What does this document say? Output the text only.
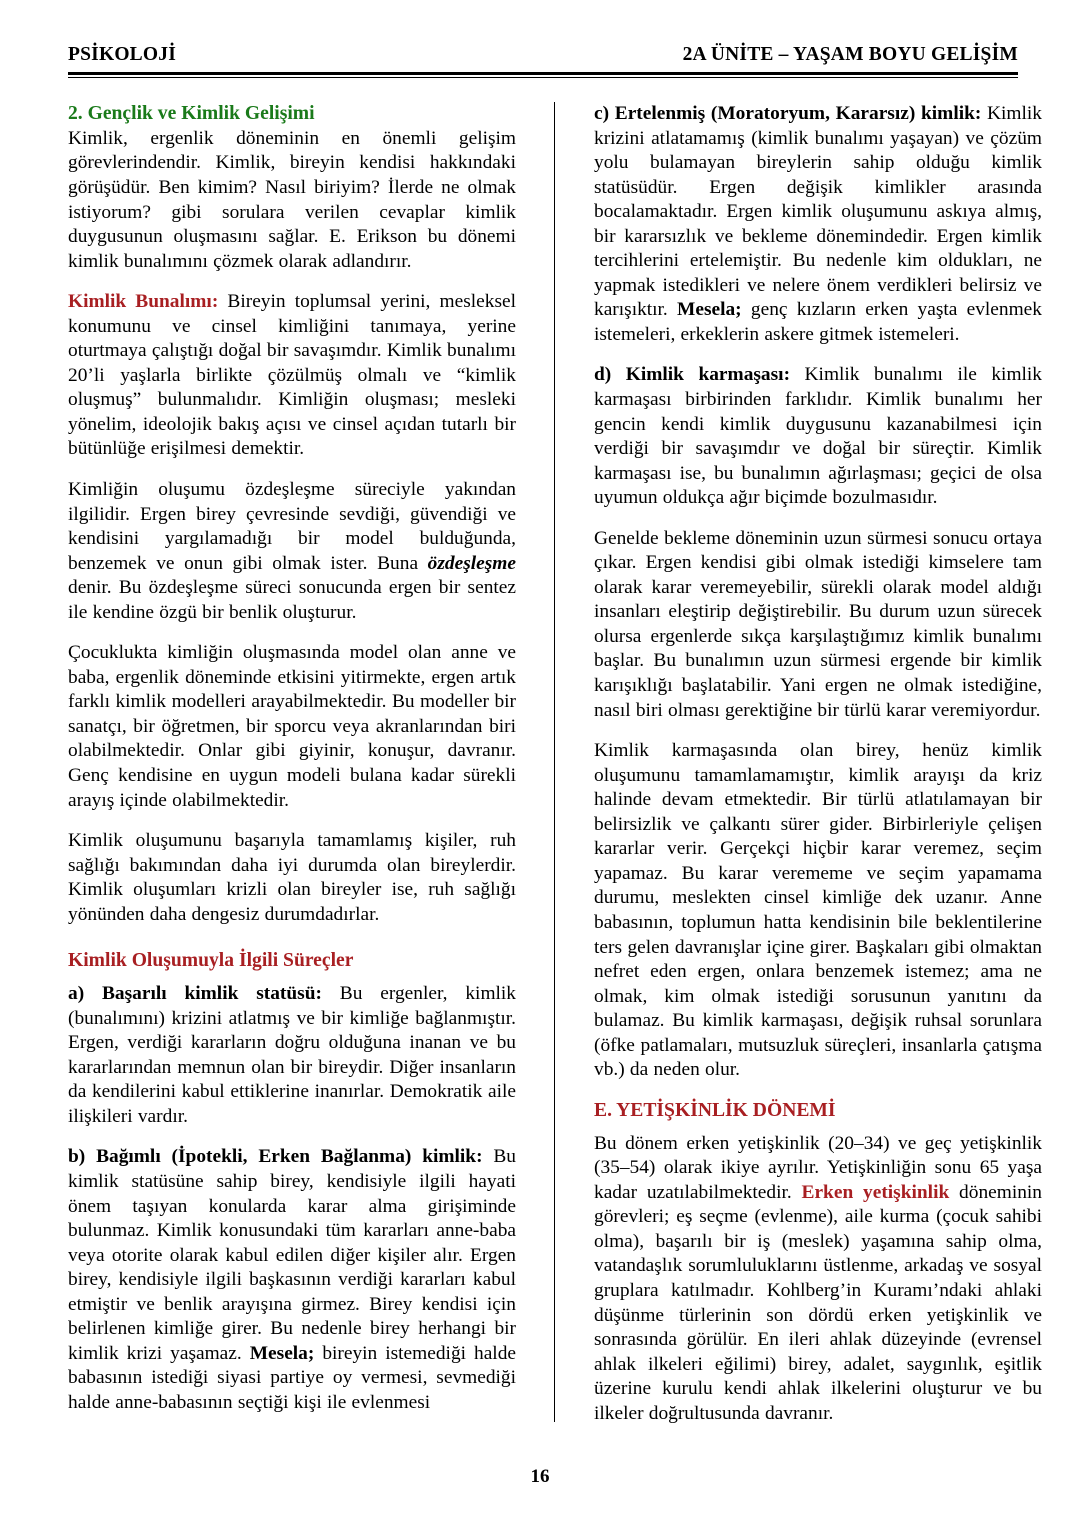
PSİKOLOJİ	2A ÜNİTE – YAŞAM BOYU GELİŞİM
2. Gençlik ve Kimlik Gelişimi

Kimlik, ergenlik döneminin en önemli gelişim görevlerindendir. Kimlik, bireyin kendisi hakkındaki görüşüdür. Ben kimim? Nasıl biriyim? İlerde ne olmak istiyorum? gibi sorulara verilen cevaplar kimlik duygusunun oluşmasını sağlar. E. Erikson bu dönemi kimlik bunalımını çözmek olarak adlandırır.

Kimlik Bunalımı: Bireyin toplumsal yerini, mesleksel konumunu ve cinsel kimliğini tanımaya, yerine oturtmaya çalıştığı doğal bir savaşımdır. Kimlik bunalımı 20’li yaşlarla birlikte çözülmüş olmalı ve “kimlik oluşmuş” bulunmalıdır. Kimliğin oluşması; mesleki yönelim, ideolojik bakış açısı ve cinsel açıdan tutarlı bir bütünlüğe erişilmesi demektir.

Kimliğin oluşumu özdeşleşme süreciyle yakından ilgilidir. Ergen birey çevresinde sevdiği, güvendiği ve kendisini yargılamadığı bir model bulduğunda, benzemek ve onun gibi olmak ister. Buna özdeşleşme denir. Bu özdeşleşme süreci sonucunda ergen bir sentez ile kendine özgü bir benlik oluşturur.

Çocuklukta kimliğin oluşmasında model olan anne ve baba, ergenlik döneminde etkisini yitirmekte, ergen artık farklı kimlik modelleri arayabilmektedir. Bu modeller bir sanatçı, bir öğretmen, bir sporcu veya akranlarından biri olabilmektedir. Onlar gibi giyinir, konuşur, davranır. Genç kendisine en uygun modeli bulana kadar sürekli arayış içinde olabilmektedir.

Kimlik oluşumunu başarıyla tamamlamış kişiler, ruh sağlığı bakımından daha iyi durumda olan bireylerdir. Kimlik oluşumları krizli olan bireyler ise, ruh sağlığı yönünden daha dengesiz durumdadırlar.

Kimlik Oluşumuyla İlgili Süreçler

a) Başarılı kimlik statüsü: Bu ergenler, kimlik (bunalımını) krizini atlatmış ve bir kimliğe bağlanmıştır. Ergen, verdiği kararların doğru olduğuna inanan ve bu kararlarından memnun olan bir bireydir. Diğer insanların da kendilerini kabul ettiklerine inanırlar. Demokratik aile ilişkileri vardır.

b) Bağımlı (İpotekli, Erken Bağlanma) kimlik: Bu kimlik statüsüne sahip birey, kendisiyle ilgili hayati önem taşıyan konularda karar alma girişiminde bulunmaz. Kimlik konusundaki tüm kararları anne-baba veya otorite olarak kabul edilen diğer kişiler alır. Ergen birey, kendisiyle ilgili başkasının verdiği kararları kabul etmiştir ve benlik arayışına girmez. Birey kendisi için belirlenen kimliğe girer. Bu nedenle birey herhangi bir kimlik krizi yaşamaz. Mesela; bireyin istemediği halde babasının istediği siyasi partiye oy vermesi, sevmediği halde anne-babasının seçtiği kişi ile evlenmesi

c) Ertelenmiş (Moratoryum, Kararsız) kimlik: Kimlik krizini atlatamamış (kimlik bunalımı yaşayan) ve çözüm yolu bulamayan bireylerin sahip olduğu kimlik statüsüdür. Ergen değişik kimlikler arasında bocalamaktadır. Ergen kimlik oluşumunu askıya almış, bir kararsızlık ve bekleme dönemindedir. Ergen kimlik tercihlerini ertelemiştir. Bu nedenle kim oldukları, ne yapmak istedikleri ve nelere önem verdikleri belirsiz ve karışıktır. Mesela; genç kızların erken yaşta evlenmek istemeleri, erkeklerin askere gitmek istemeleri.

d) Kimlik karmaşası: Kimlik bunalımı ile kimlik karmaşası birbirinden farklıdır. Kimlik bunalımı her gencin kendi kimlik duygusunu kazanabilmesi için verdiği bir savaşımdır ve doğal bir süreçtir. Kimlik karmaşası ise, bu bunalımın ağırlaşması; geçici de olsa uyumun oldukça ağır biçimde bozulmasıdır.

Genelde bekleme döneminin uzun sürmesi sonucu ortaya çıkar. Ergen kendisi gibi olmak istediği kimselere tam olarak karar veremeyebilir, sürekli olarak model aldığı insanları eleştirip değiştirebilir. Bu durum uzun sürecek olursa ergenlerde sıkça karşılaştığımız kimlik bunalımı başlar. Bu bunalımın uzun sürmesi ergende bir kimlik karışıklığı başlatabilir. Yani ergen ne olmak istediğine, nasıl biri olması gerektiğine bir türlü karar veremiyordur.

Kimlik karmaşasında olan birey, henüz kimlik oluşumunu tamamlamamıştır, kimlik arayışı da kriz halinde devam etmektedir. Bir türlü atlatılamayan bir belirsizlik ve çalkantı sürer gider. Birbirleriyle çelişen kararlar verir. Gerçekçi hiçbir karar veremez, seçim yapamaz. Bu karar verememe ve seçim yapamama durumu, meslekten cinsel kimliğe dek uzanır. Anne babasının, toplumun hatta kendisinin bile beklentilerine ters gelen davranışlar içine girer. Başkaları gibi olmaktan nefret eden ergen, onlara benzemek istemez; ama ne olmak, kim olmak istediği sorusunun yanıtını da bulamaz. Bu kimlik karmaşası, değişik ruhsal sorunlara (öfke patlamaları, mutsuzluk süreçleri, insanlarla çatışma vb.) da neden olur.

E. YETİŞKİNLİK DÖNEMİ

Bu dönem erken yetişkinlik (20–34) ve geç yetişkinlik (35–54) olarak ikiye ayrılır. Yetişkinliğin sonu 65 yaşa kadar uzatılabilmektedir. Erken yetişkinlik döneminin görevleri; eş seçme (evlenme), aile kurma (çocuk sahibi olma), başarılı bir iş (meslek) yaşamına sahip olma, vatandaşlık sorumluluklarını üstlenme, arkadaş ve sosyal gruplara katılmadır. Kohlberg’in Kuramı’ndaki ahlaki düşünme türlerinin son dördü erken yetişkinlik ve sonrasında görülür. En ileri ahlak düzeyinde (evrensel ahlak ilkeleri eğilimi) birey, adalet, saygınlık, eşitlik üzerine kurulu kendi ahlak ilkelerini oluşturur ve bu ilkeler doğrultusunda davranır.

16
